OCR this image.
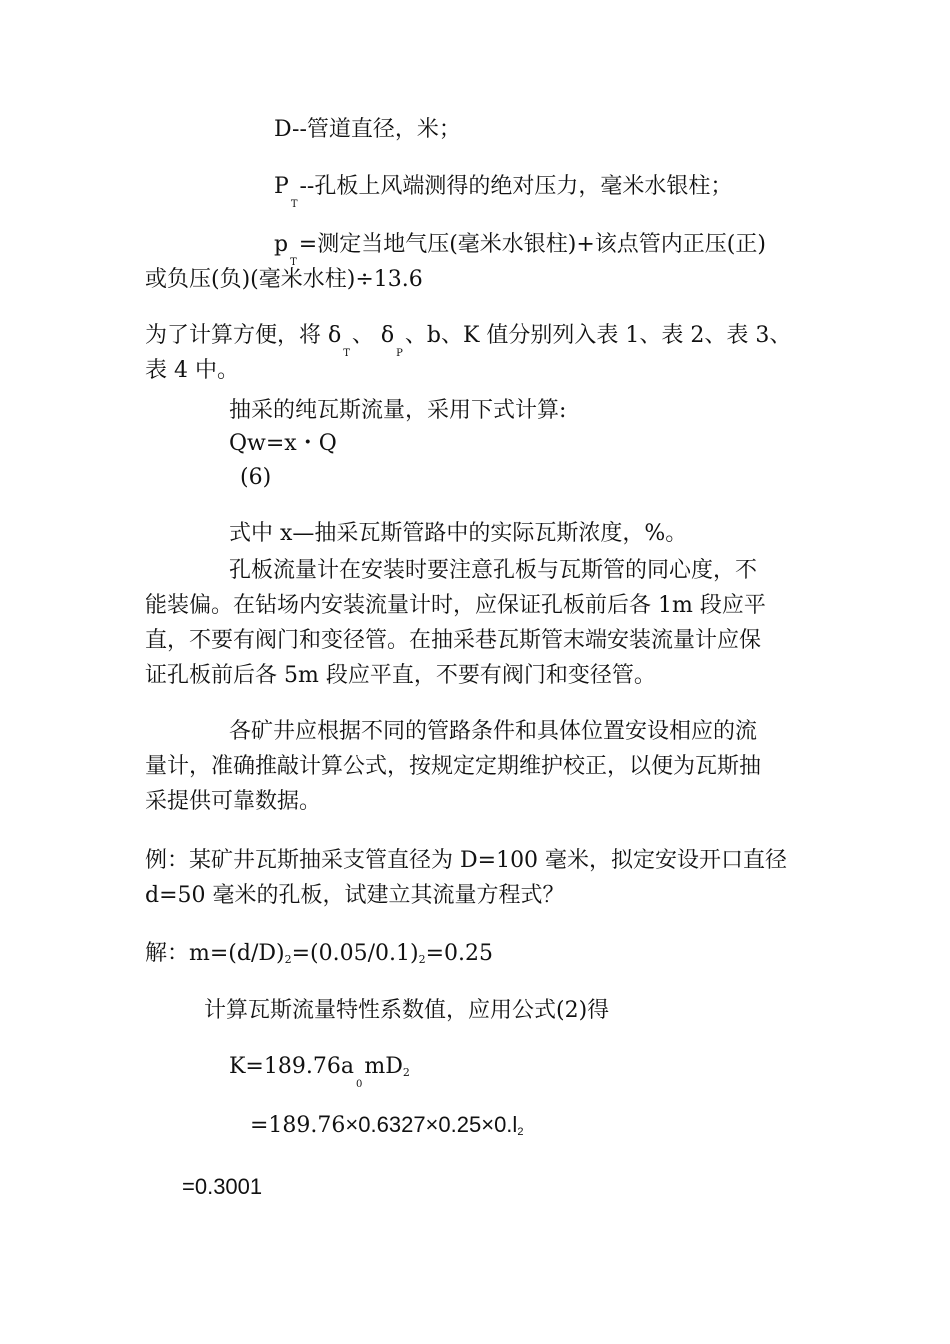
D--管道直径，米；
$P_T--$孔板上风端测得的绝对压力，毫米水银柱；
$p_T=$测定当地气压(毫米水银柱)+该点管内正压(正)
或负压(负)(毫米水柱)÷13.6
为了计算方便，将 $\delta_T$、 $\delta_P$、b、K 值分别列入表 1、表 2、表 3、
表 4 中。
抽采的纯瓦斯流量，采用下式计算:
Qw=x・Q
(6)
式中 x—抽采瓦斯管路中的实际瓦斯浓度，%。
孔板流量计在安装时要注意孔板与瓦斯管的同心度，不
能装偏。在钻场内安装流量计时，应保证孔板前后各 1m 段应平
直，不要有阀门和变径管。在抽采巷瓦斯管末端安装流量计应保
证孔板前后各 5m 段应平直，不要有阀门和变径管。
各矿井应根据不同的管路条件和具体位置安设相应的流
量计，准确推敲计算公式，按规定定期维护校正，以便为瓦斯抽
采提供可靠数据。
例：某矿井瓦斯抽采支管直径为 D=100 毫米，拟定安设开口直径
d=50 毫米的孔板，试建立其流量方程式？
解：m=(d/D)2=(0.05/0.1)2=0.25
计算瓦斯流量特性系数值，应用公式(2)得
$K=189.76a_0mD2$
=189.76×0.6327×0.25×0.l2
=0.3001
